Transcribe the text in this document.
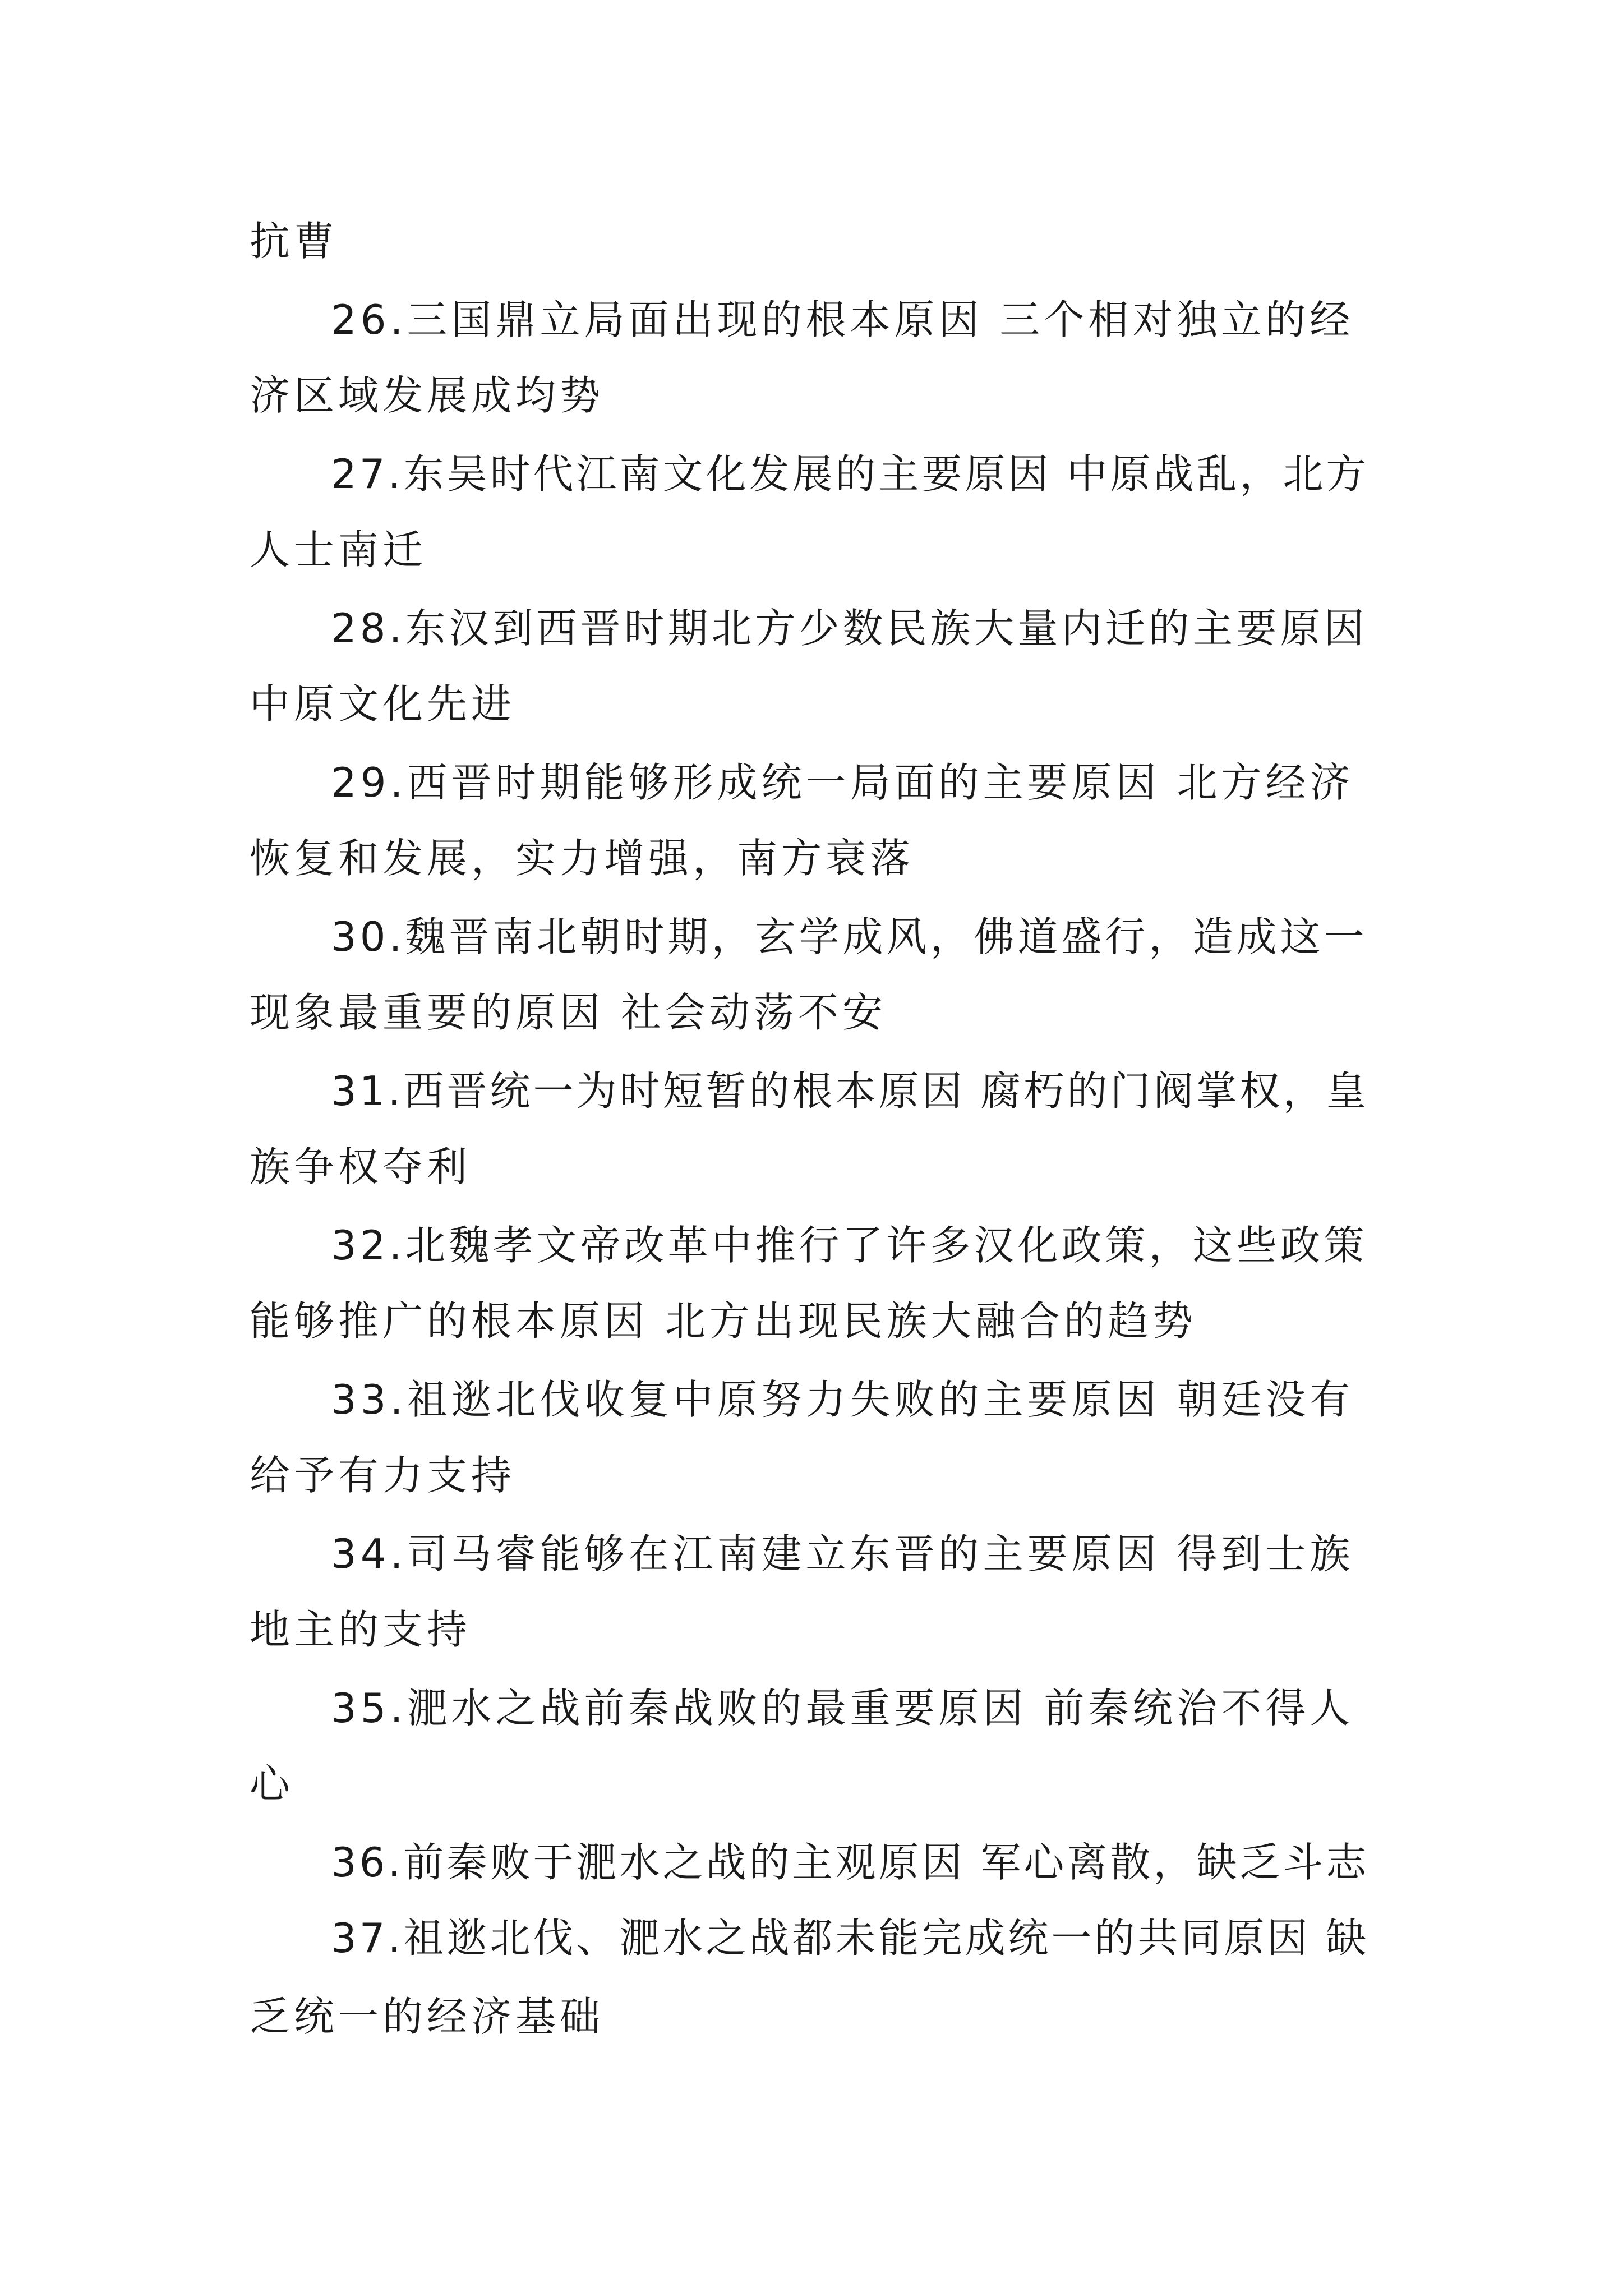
抗曹
26.三国鼎立局面出现的根本原因 三个相对独立的经
济区域发展成均势
27.东吴时代江南文化发展的主要原因 中原战乱，北方
人士南迁
28.东汉到西晋时期北方少数民族大量内迁的主要原因
中原文化先进
29.西晋时期能够形成统一局面的主要原因 北方经济
恢复和发展，实力增强，南方衰落
30.魏晋南北朝时期，玄学成风，佛道盛行，造成这一
现象最重要的原因 社会动荡不安
31.西晋统一为时短暂的根本原因 腐朽的门阀掌权，皇
族争权夺利
32.北魏孝文帝改革中推行了许多汉化政策，这些政策
能够推广的根本原因 北方出现民族大融合的趋势
33.祖逖北伐收复中原努力失败的主要原因 朝廷没有
给予有力支持
34.司马睿能够在江南建立东晋的主要原因 得到士族
地主的支持
35.淝水之战前秦战败的最重要原因 前秦统治不得人
心
36.前秦败于淝水之战的主观原因 军心离散，缺乏斗志
37.祖逖北伐、淝水之战都未能完成统一的共同原因 缺
乏统一的经济基础
